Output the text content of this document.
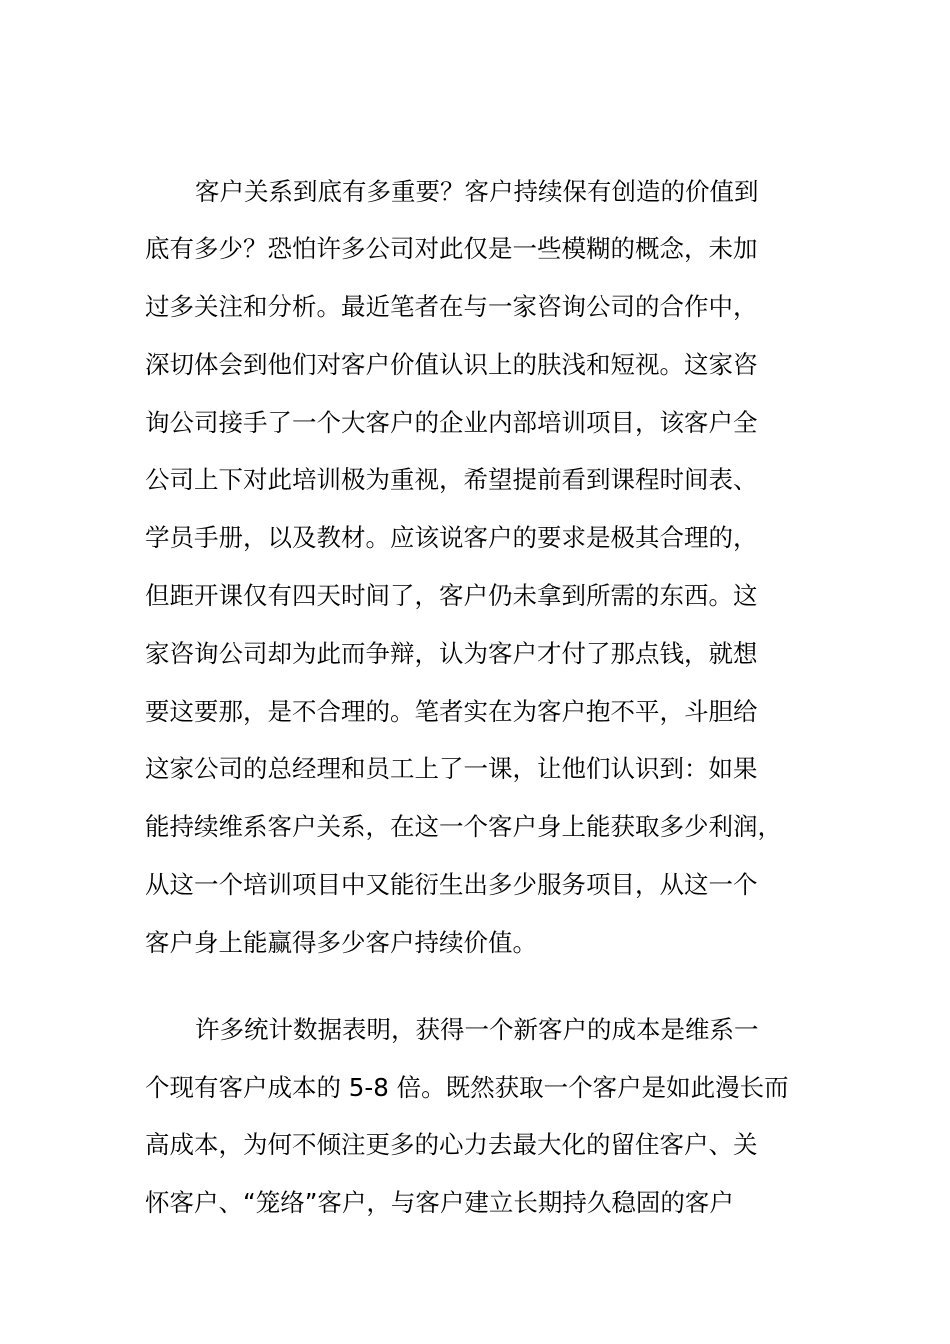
客户关系到底有多重要？客户持续保有创造的价值到
底有多少？恐怕许多公司对此仅是一些模糊的概念，未加
过多关注和分析。最近笔者在与一家咨询公司的合作中，
深切体会到他们对客户价值认识上的肤浅和短视。这家咨
询公司接手了一个大客户的企业内部培训项目，该客户全
公司上下对此培训极为重视，希望提前看到课程时间表、
学员手册，以及教材。应该说客户的要求是极其合理的，
但距开课仅有四天时间了，客户仍未拿到所需的东西。这
家咨询公司却为此而争辩，认为客户才付了那点钱，就想
要这要那，是不合理的。笔者实在为客户抱不平，斗胆给
这家公司的总经理和员工上了一课，让他们认识到：如果
能持续维系客户关系，在这一个客户身上能获取多少利润，
从这一个培训项目中又能衍生出多少服务项目，从这一个
客户身上能赢得多少客户持续价值。
许多统计数据表明，获得一个新客户的成本是维系一
个现有客户成本的 5-8 倍。既然获取一个客户是如此漫长而
高成本，为何不倾注更多的心力去最大化的留住客户、关
怀客户、“笼络”客户，与客户建立长期持久稳固的客户
